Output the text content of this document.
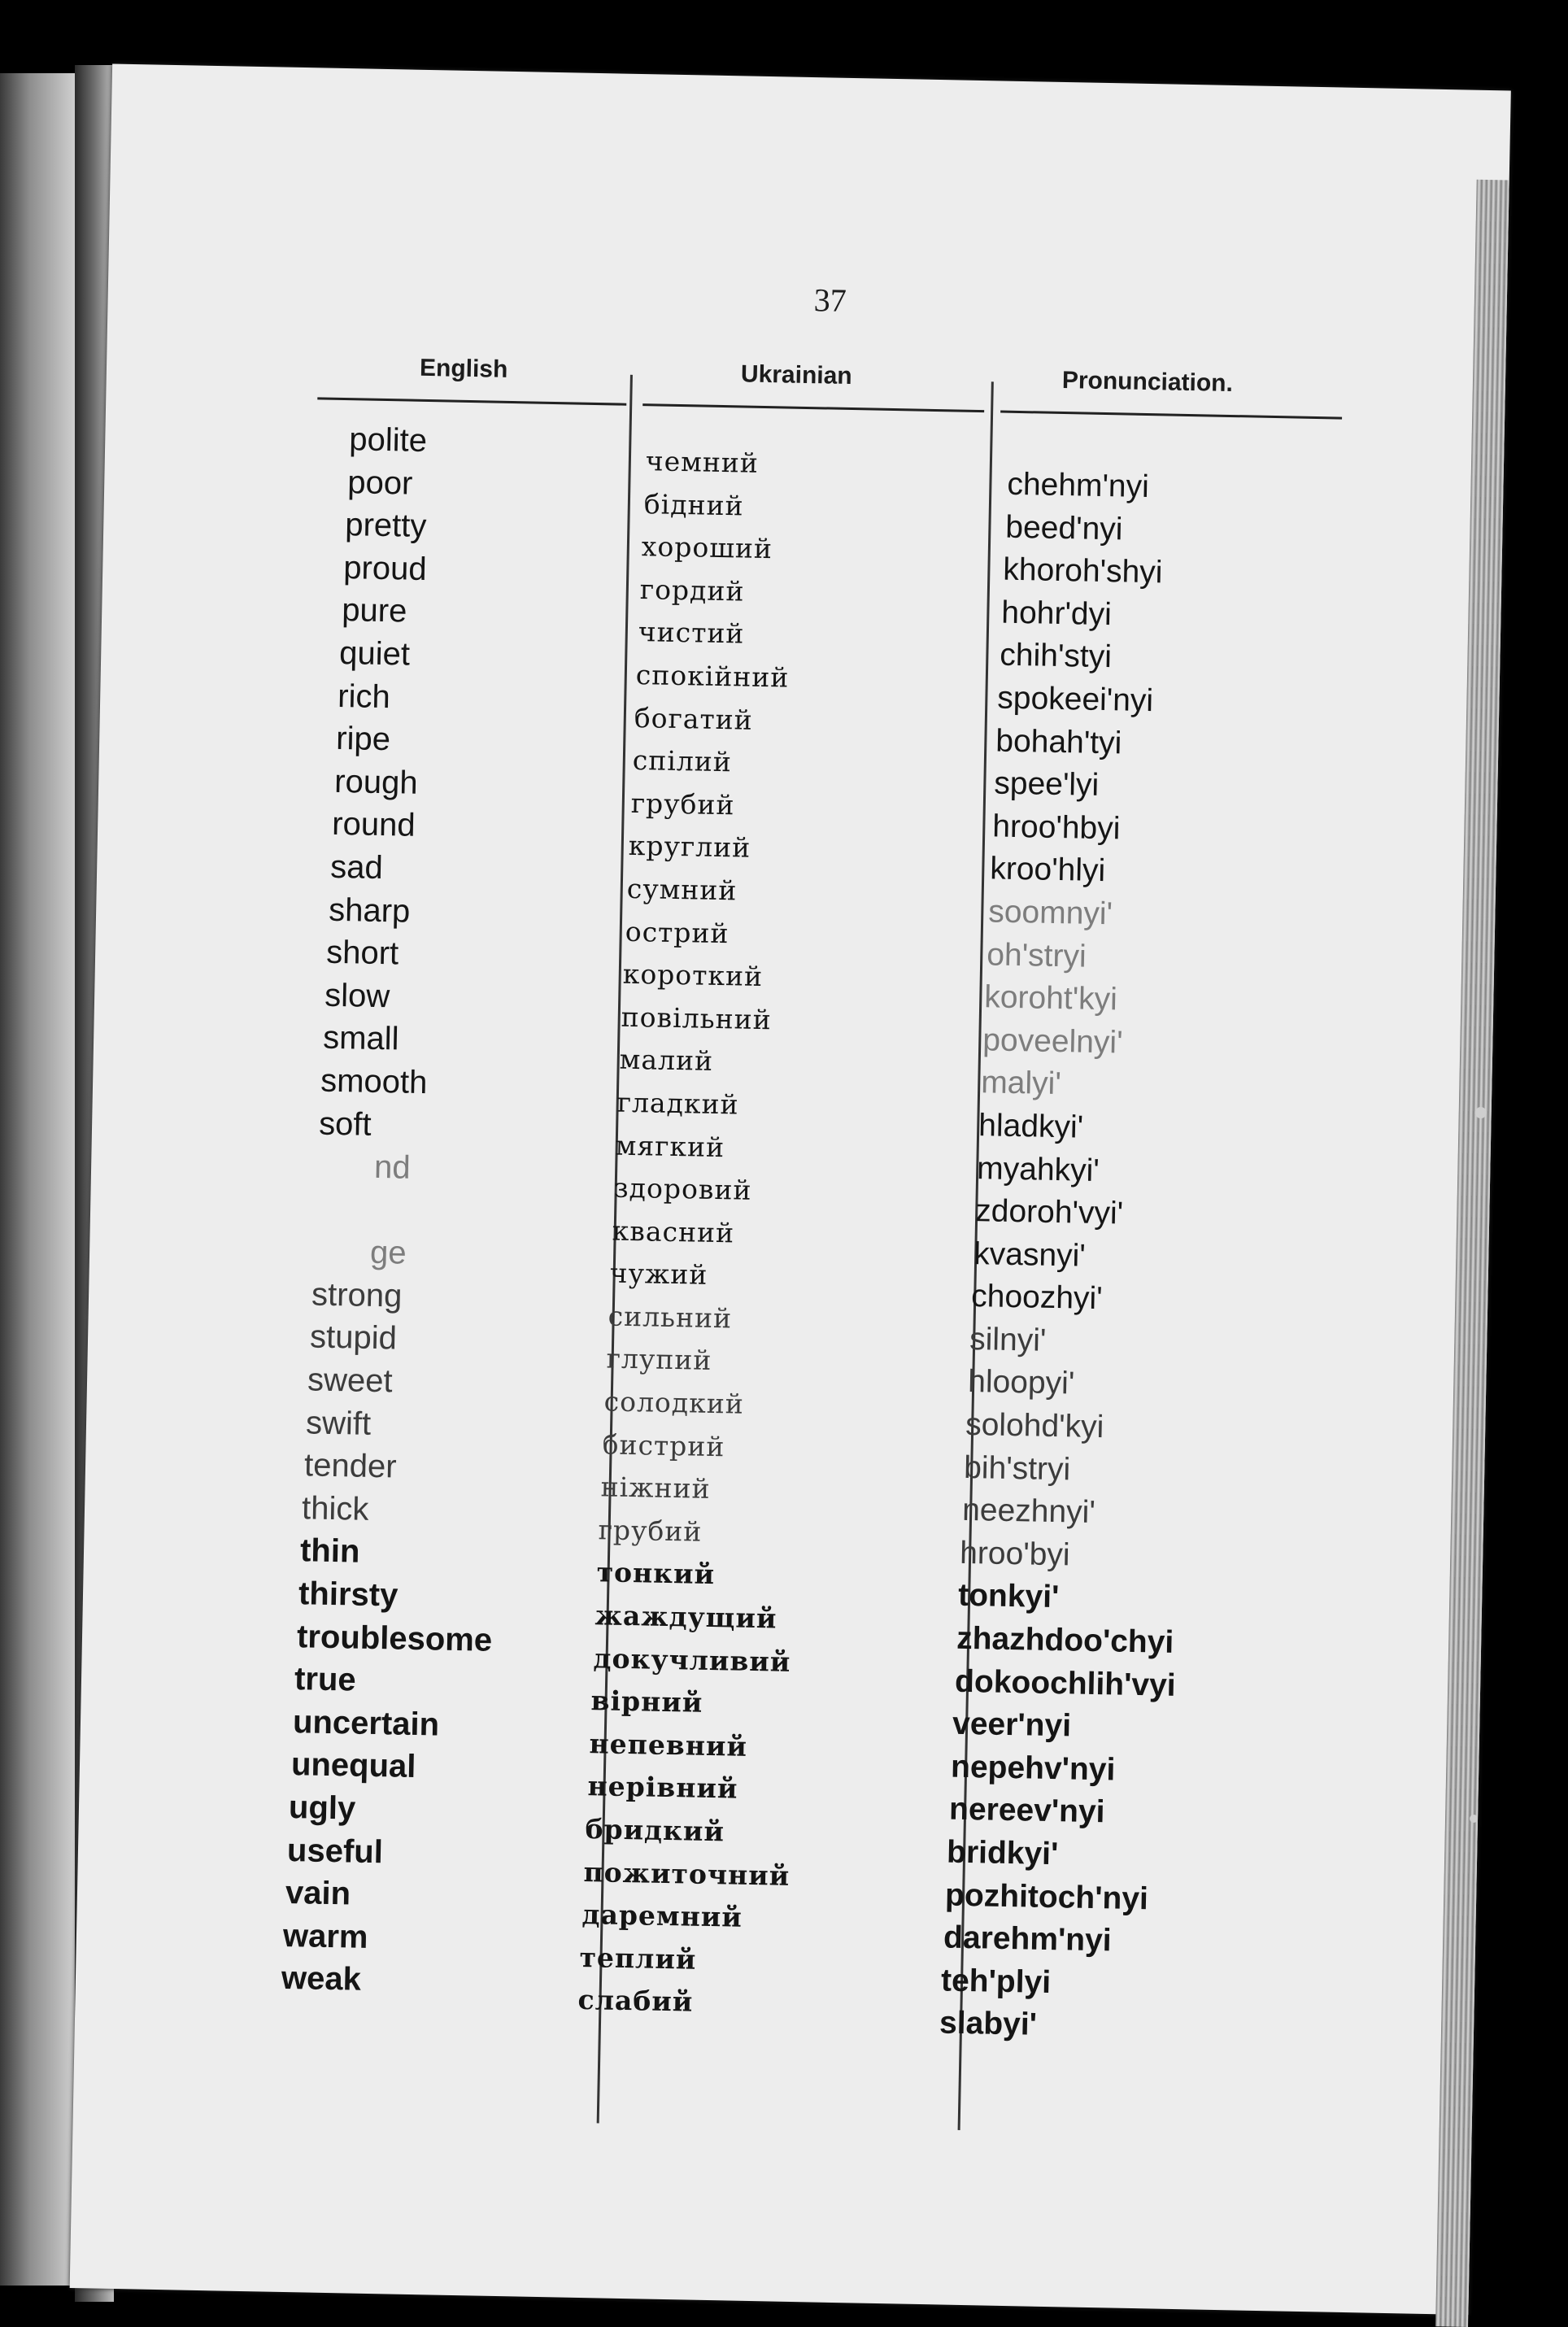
37
English	Ukrainian	Pronunciation.
polite
poor
pretty
proud
pure
quiet
rich
ripe
rough
round
sad
sharp
short
slow
small
smooth
soft
nd
ge
strong
stupid
sweet
swift
tender
thick
thin
thirsty
troublesome
true
uncertain
unequal
ugly
useful
vain
warm
weak
чемний
бідний
хороший
гордий
чистий
спокійний
богатий
спілий
грубий
круглий
сумний
острий
короткий
повільний
малий
гладкий
мягкий
здоровий
квасний
чужий
сильний
глупий
солодкий
бистрий
ніжний
грубий
тонкий
жаждущий
докучливий
вірний
непевний
нерівний
бридкий
пожиточний
даремний
теплий
слабий
chehm'nyi
beed'nyi
khoroh'shyi
hohr'dyi
chih'styi
spokeei'nyi
bohah'tyi
spee'lyi
hroo'hbyi
kroo'hlyi
soomnyi'
oh'stryi
koroht'kyi
poveelnyi'
malyi'
hladkyi'
myahkyi'
zdoroh'vyi'
kvasnyi'
choozhyi'
silnyi'
hloopyi'
solohd'kyi
bih'stryi
neezhnyi'
hroo'byi
tonkyi'
zhazhdoo'chyi
dokoochlih'vyi
veer'nyi
nepehv'nyi
nereev'nyi
bridkyi'
pozhitoch'nyi
darehm'nyi
teh'plyi
slabyi'
